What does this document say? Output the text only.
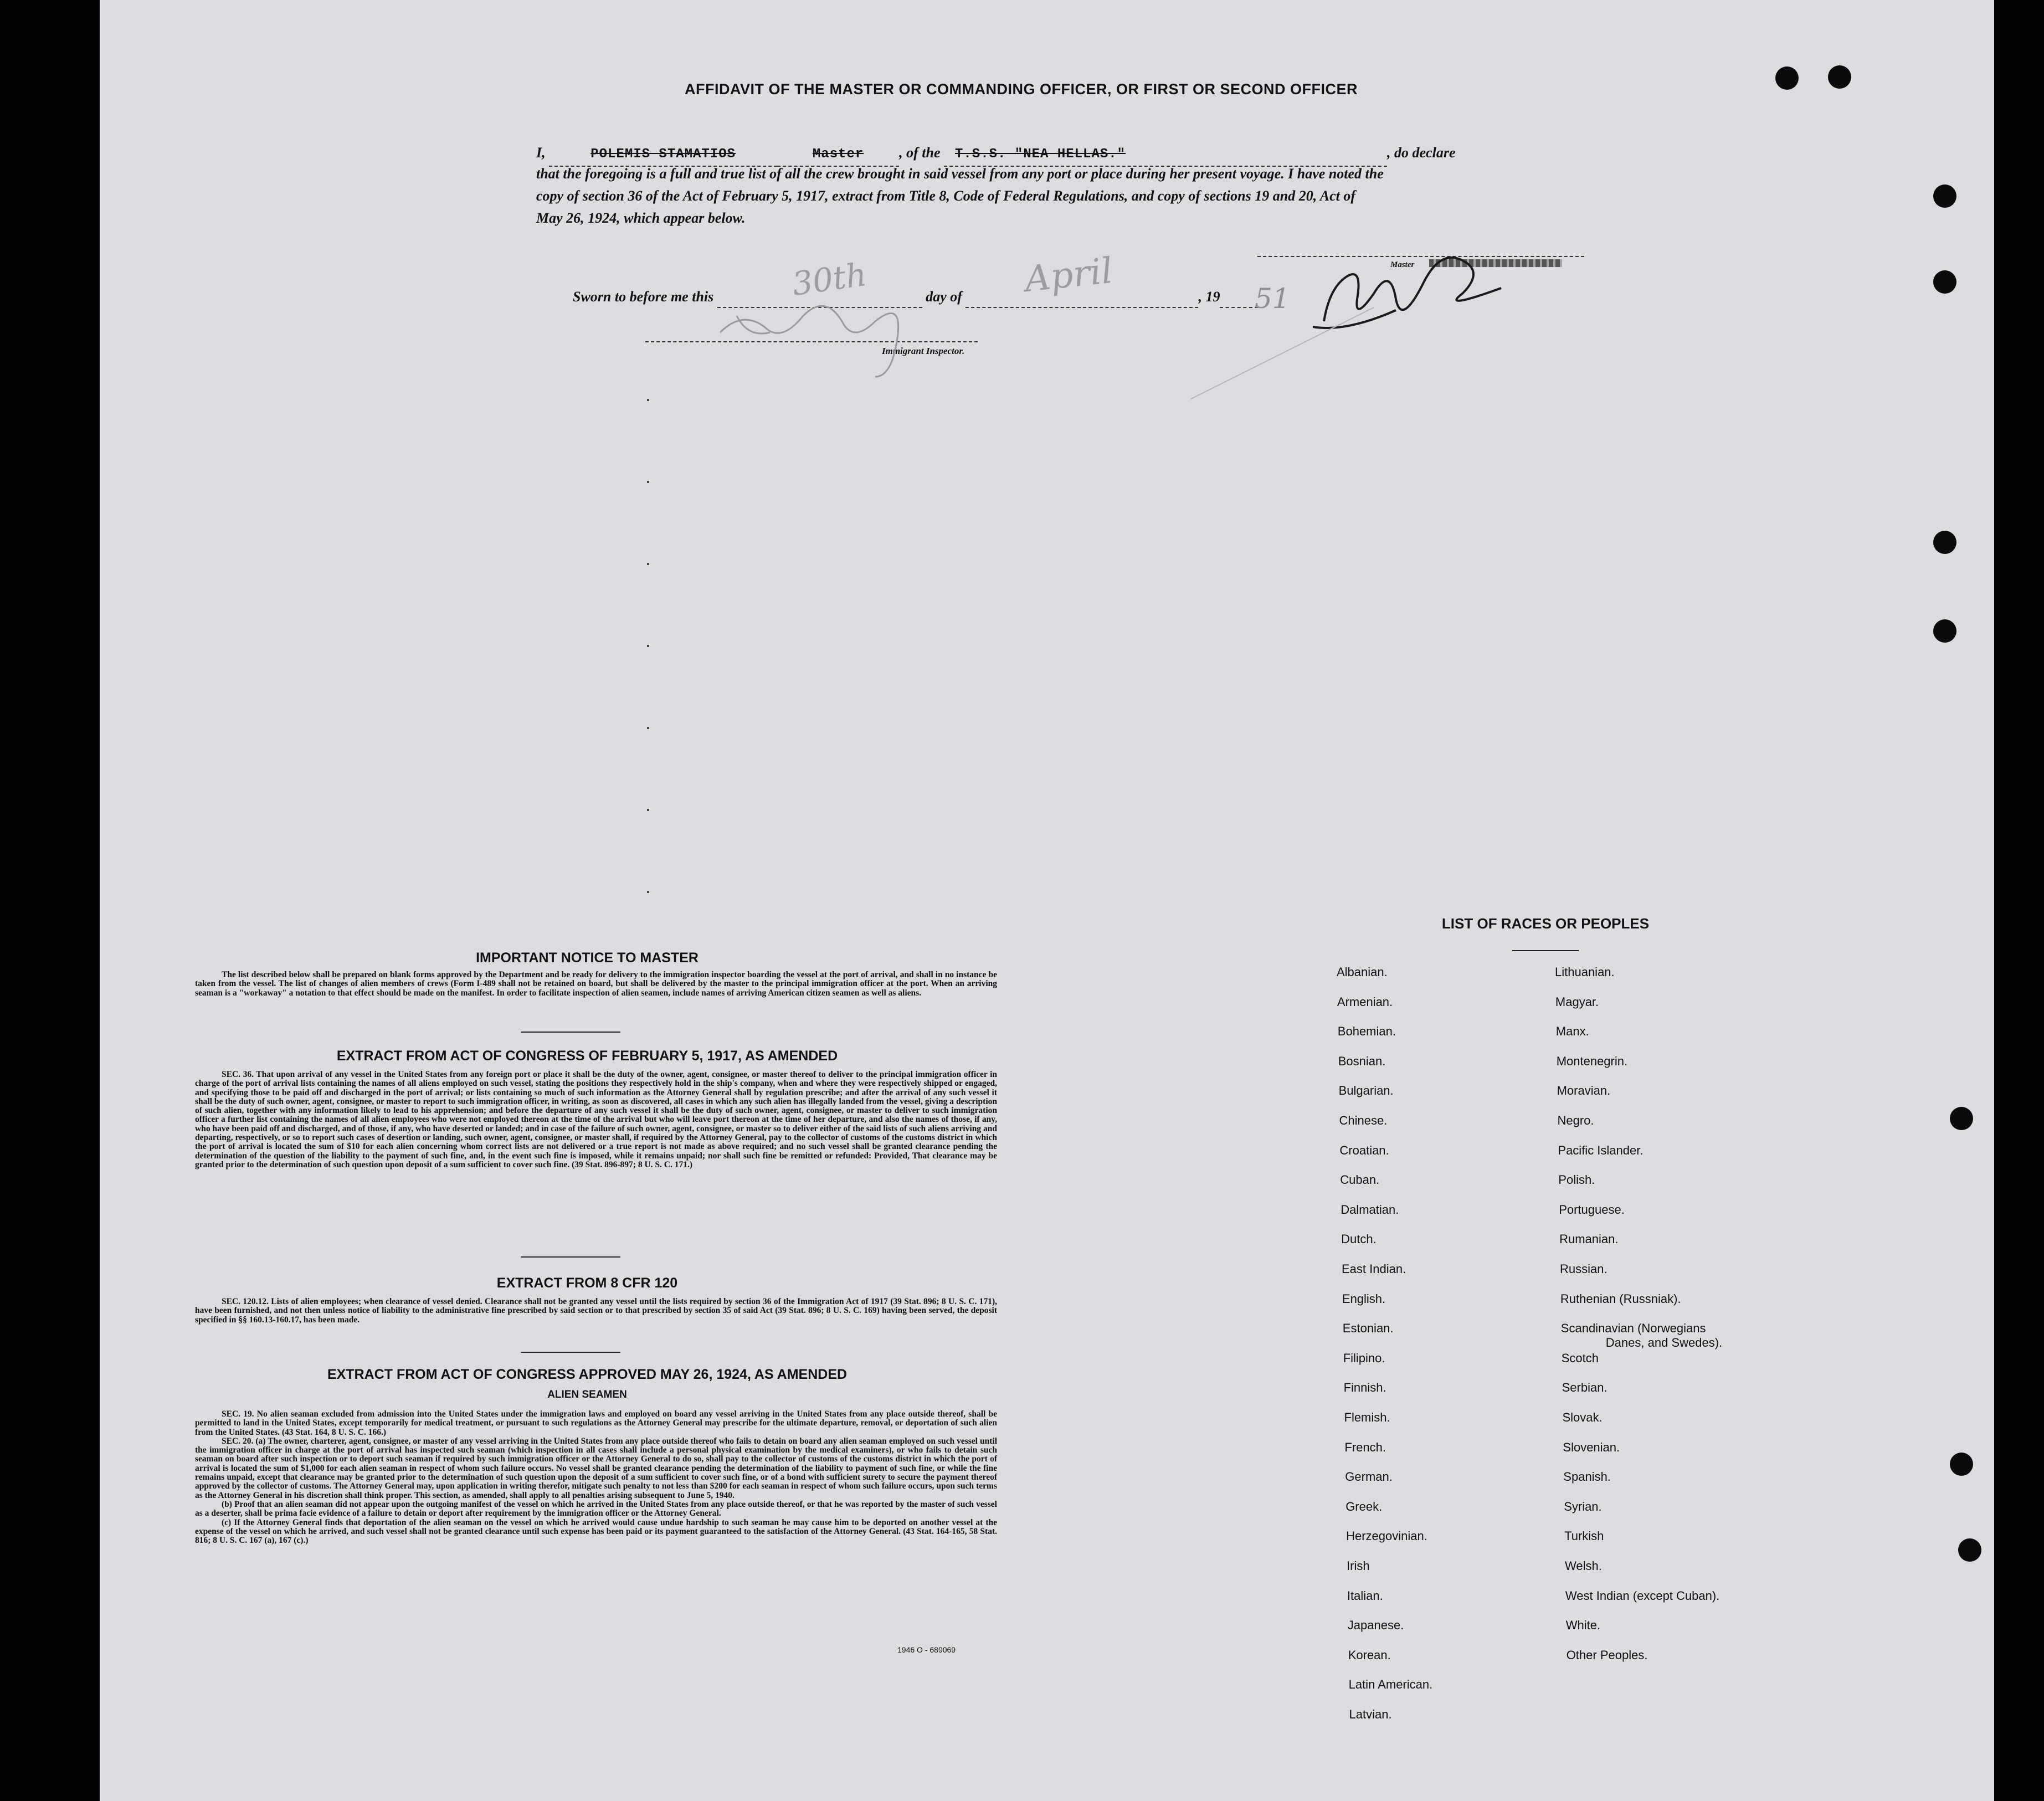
AFFIDAVIT OF THE MASTER OR COMMANDING OFFICER, OR FIRST OR SECOND OFFICER
I,	POLEMIS STAMATIOS	Master , of the T.S.S. "NEA HELLAS."	, do declare
that the foregoing is a full and true list of all the crew brought in said vessel from any port or place during her present voyage. I have noted the
copy of section 36 of the Act of February 5, 1917, extract from Title 8, Code of Federal Regulations, and copy of sections 19 and 20, Act of
May 26, 1924, which appear below.
Master
Sworn to before me this	day of	, 19
30th	April	51
Immigrant Inspector.
IMPORTANT NOTICE TO MASTER
The list described below shall be prepared on blank forms approved by the Department and be ready for delivery to the immigration inspector boarding the vessel at the port of arrival, and shall in no instance be taken from the vessel. The list of changes of alien members of crews (Form I-489 shall not be retained on board, but shall be delivered by the master to the principal immigration officer at the port. When an arriving seaman is a "workaway" a notation to that effect should be made on the manifest. In order to facilitate inspection of alien seamen, include names of arriving American citizen seamen as well as aliens.
EXTRACT FROM ACT OF CONGRESS OF FEBRUARY 5, 1917, AS AMENDED
SEC. 36. That upon arrival of any vessel in the United States from any foreign port or place it shall be the duty of the owner, agent, consignee, or master thereof to deliver to the principal immigration officer in charge of the port of arrival lists containing the names of all aliens employed on such vessel, stating the positions they respectively hold in the ship's company, when and where they were respectively shipped or engaged, and specifying those to be paid off and discharged in the port of arrival; or lists containing so much of such information as the Attorney General shall by regulation prescribe; and after the arrival of any such vessel it shall be the duty of such owner, agent, consignee, or master to report to such immigration officer, in writing, as soon as discovered, all cases in which any such alien has illegally landed from the vessel, giving a description of such alien, together with any information likely to lead to his apprehension; and before the departure of any such vessel it shall be the duty of such owner, agent, consignee, or master to deliver to such immigration officer a further list containing the names of all alien employees who were not employed thereon at the time of the arrival but who will leave port thereon at the time of her departure, and also the names of those, if any, who have been paid off and discharged, and of those, if any, who have deserted or landed; and in case of the failure of such owner, agent, consignee, or master so to deliver either of the said lists of such aliens arriving and departing, respectively, or so to report such cases of desertion or landing, such owner, agent, consignee, or master shall, if required by the Attorney General, pay to the collector of customs of the customs district in which the port of arrival is located the sum of $10 for each alien concerning whom correct lists are not delivered or a true report is not made as above required; and no such vessel shall be granted clearance pending the determination of the question of the liability to the payment of such fine, and, in the event such fine is imposed, while it remains unpaid; nor shall such fine be remitted or refunded: Provided, That clearance may be granted prior to the determination of such question upon deposit of a sum sufficient to cover such fine. (39 Stat. 896-897; 8 U. S. C. 171.)
EXTRACT FROM 8 CFR 120
SEC. 120.12. Lists of alien employees; when clearance of vessel denied. Clearance shall not be granted any vessel until the lists required by section 36 of the Immigration Act of 1917 (39 Stat. 896; 8 U. S. C. 171), have been furnished, and not then unless notice of liability to the administrative fine prescribed by said section or to that prescribed by section 35 of said Act (39 Stat. 896; 8 U. S. C. 169) having been served, the deposit specified in §§ 160.13-160.17, has been made.
EXTRACT FROM ACT OF CONGRESS APPROVED MAY 26, 1924, AS AMENDED
ALIEN SEAMEN
SEC. 19. No alien seaman excluded from admission into the United States under the immigration laws and employed on board any vessel arriving in the United States from any place outside thereof, shall be permitted to land in the United States, except temporarily for medical treatment, or pursuant to such regulations as the Attorney General may prescribe for the ultimate departure, removal, or deportation of such alien from the United States. (43 Stat. 164, 8 U. S. C. 166.)
SEC. 20. (a) The owner, charterer, agent, consignee, or master of any vessel arriving in the United States from any place outside thereof who fails to detain on board any alien seaman employed on such vessel until the immigration officer in charge at the port of arrival has inspected such seaman (which inspection in all cases shall include a personal physical examination by the medical examiners), or who fails to detain such seaman on board after such inspection or to deport such seaman if required by such immigration officer or the Attorney General to do so, shall pay to the collector of customs of the customs district in which the port of arrival is located the sum of $1,000 for each alien seaman in respect of whom such failure occurs. No vessel shall be granted clearance pending the determination of the liability to payment of such fine, or while the fine remains unpaid, except that clearance may be granted prior to the determination of such question upon the deposit of a sum sufficient to cover such fine, or of a bond with sufficient surety to secure the payment thereof approved by the collector of customs. The Attorney General may, upon application in writing therefor, mitigate such penalty to not less than $200 for each seaman in respect of whom such failure occurs, upon such terms as the Attorney General in his discretion shall think proper. This section, as amended, shall apply to all penalties arising subsequent to June 5, 1940.
(b) Proof that an alien seaman did not appear upon the outgoing manifest of the vessel on which he arrived in the United States from any place outside thereof, or that he was reported by the master of such vessel as a deserter, shall be prima facie evidence of a failure to detain or deport after requirement by the immigration officer or the Attorney General.
(c) If the Attorney General finds that deportation of the alien seaman on the vessel on which he arrived would cause undue hardship to such seaman he may cause him to be deported on another vessel at the expense of the vessel on which he arrived, and such vessel shall not be granted clearance until such expense has been paid or its payment guaranteed to the satisfaction of the Attorney General. (43 Stat. 164-165, 58 Stat. 816; 8 U. S. C. 167 (a), 167 (c).)
1946 O - 689069
LIST OF RACES OR PEOPLES
Albanian.
Armenian.
Bohemian.
Bosnian.
Bulgarian.
Chinese.
Croatian.
Cuban.
Dalmatian.
Dutch.
East Indian.
English.
Estonian.
Filipino.
Finnish.
Flemish.
French.
German.
Greek.
Herzegovinian.
Irish
Italian.
Japanese.
Korean.
Latin American.
Latvian.
Lithuanian.
Magyar.
Manx.
Montenegrin.
Moravian.
Negro.
Pacific Islander.
Polish.
Portuguese.
Rumanian.
Russian.
Ruthenian (Russniak).
Scandinavian (Norwegians
Danes, and Swedes).
Scotch
Serbian.
Slovak.
Slovenian.
Spanish.
Syrian.
Turkish
Welsh.
West Indian (except Cuban).
White.
Other Peoples.
